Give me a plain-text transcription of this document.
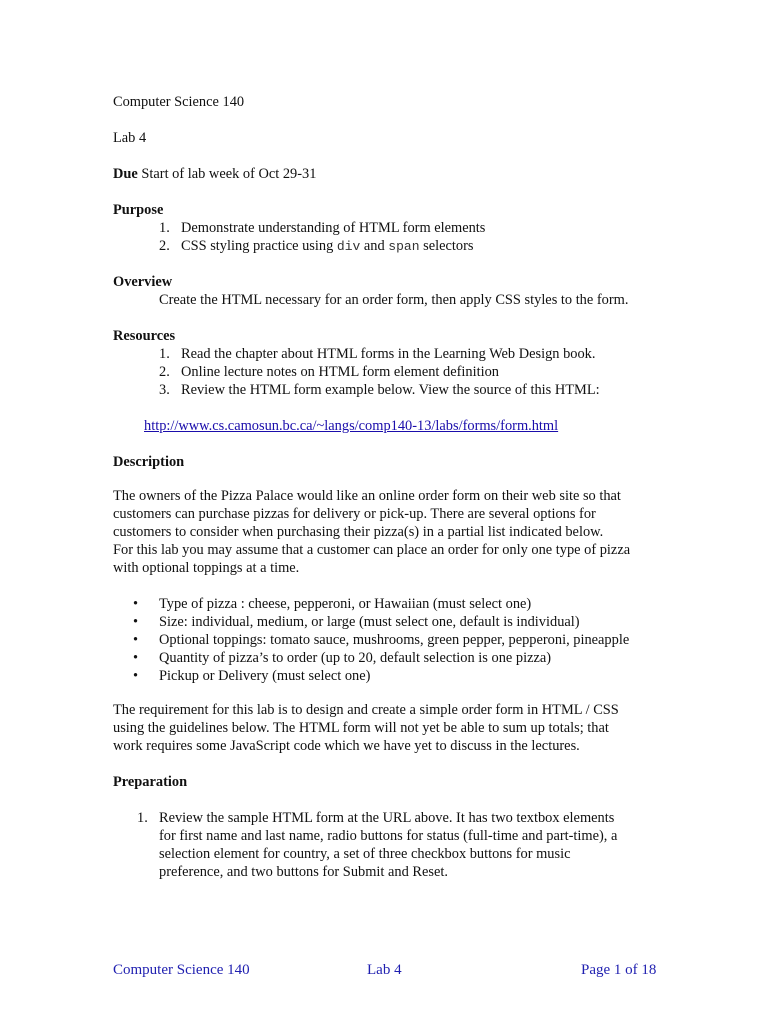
Computer Science 140

Lab 4

Due Start of lab week of Oct 29-31

Purpose

1. Demonstrate understanding of HTML form elements
2. CSS styling practice using div and span selectors

Overview

Create the HTML necessary for an order form, then apply CSS styles to the form.

Resources

1. Read the chapter about HTML forms in the Learning Web Design book.
2. Online lecture notes on HTML form element definition
3. Review the HTML form example below. View the source of this HTML:
http://www.cs.camosun.bc.ca/~langs/comp140-13/labs/forms/form.html

Description

The owners of the Pizza Palace would like an online order form on their web site so that
customers can purchase pizzas for delivery or pick-up. There are several options for
customers to consider when purchasing their pizza(s) in a partial list indicated below.
For this lab you may assume that a customer can place an order for only one type of pizza
with optional toppings at a time.
• Type of pizza : cheese, pepperoni, or Hawaiian (must select one)
• Size: individual, medium, or large (must select one, default is individual)
• Optional toppings: tomato sauce, mushrooms, green pepper, pepperoni, pineapple
• Quantity of pizza’s to order (up to 20, default selection is one pizza)
• Pickup or Delivery (must select one)
The requirement for this lab is to design and create a simple order form in HTML / CSS
using the guidelines below. The HTML form will not yet be able to sum up totals; that
work requires some JavaScript code which we have yet to discuss in the lectures.

Preparation

1. Review the sample HTML form at the URL above. It has two textbox elements
for first name and last name, radio buttons for status (full-time and part-time), a
selection element for country, a set of three checkbox buttons for music
preference, and two buttons for Submit and Reset.
Computer Science 140	Lab 4	Page 1 of 18
